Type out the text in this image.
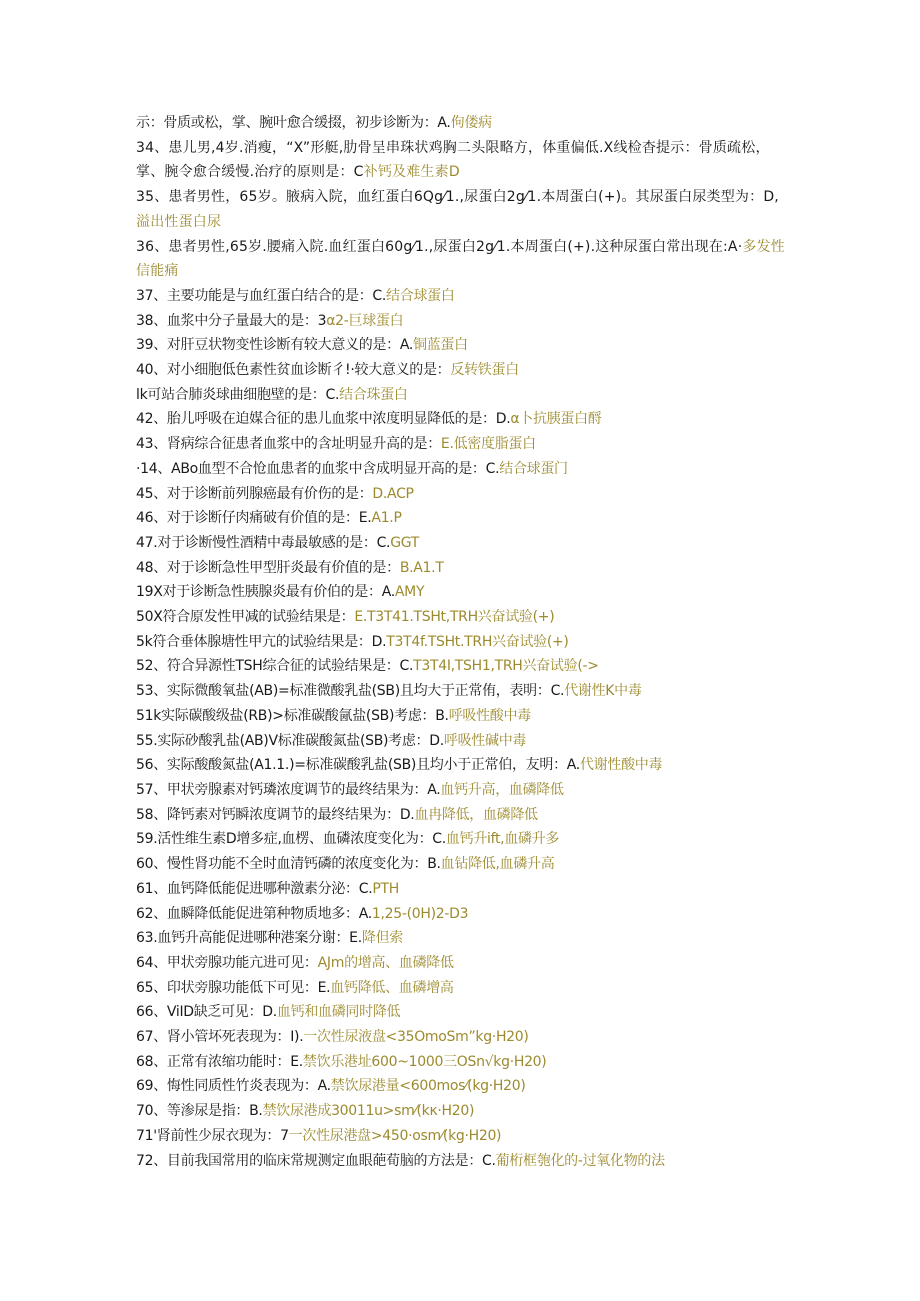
示：骨质或松，掌、腕叶愈合缓掇，初步诊断为：A.佝偻病
34、患儿男,4岁.消瘦，“X”形艇,肋骨呈串珠状鸡胸二头限略方，体重偏低.X线检杳提示：骨质疏松，掌、腕令愈合缓慢.治疗的原则是：C补钙及难生素D
35、患者男性，65岁。腋病入院，血红蛋白6Qg⁄1.,尿蛋白2g⁄1.本周蛋白(+)。其尿蛋白尿类型为：D,溢出性蛋白尿
36、患者男性,65岁.腰痛入院.血红蛋白60g⁄1.,尿蛋白2g⁄1.本周蛋白(+).这种尿蛋白常出现在:A·多发性信能痛
37、主要功能是与血红蛋白结合的是：C.结合球蛋白
38、血浆中分子量最大的是：3α2-巨球蛋白
39、对肝豆状物变性诊断有较大意义的是：A.铜蓝蛋白
40、对小细胞低色素性贫血诊断彳!·较大意义的是：反转铁蛋白
lk可站合肺炎球曲细胞壁的是：C.结合珠蛋白
42、胎儿呼吸在迫媒合征的患儿血浆中浓度明显降低的是：D.α卜抗胰蛋白酹
43、肾病综合征患者血浆中的含址明显升高的是：E.低密度脂蛋白
·14、ABo血型不合怆血患者的血浆中含成明显开高的是：C.结合球蛋门
45、对于诊断前列腺癌最有价伤的是：D.ACP
46、对于诊断仔肉痛破有价值的是：E.A1.P
47.对于诊断慢性酒精中毒最敏感的是：C.GGT
48、对于诊断急性甲型肝炎最有价值的是：B.A1.T
19X对于诊断急性胰腺炎最有价伯的是：A.AMY
50X符合原发性甲减的试验结果是：E.T3T41.TSHt,TRH兴奋试验(+)
5k符合垂体腺塘性甲亢的试验结果是：D.T3T4f.TSHt.TRH兴奋试验(+)
52、符合异源性TSH综合征的试验结果是：C.T3T4I,TSH1,TRH兴奋试验(->
53、实际微酸氧盐(AB)=标准微酸乳盐(SB)且均大于正常侑，表明：C.代谢性K中毒
51k实际碳酸级盐(RB)>标准碳酸氤盐(SB)考虑：B.呼吸性酸中毒
55.实际砂酸乳盐(AB)V标准碳酸氮盐(SB)考虑：D.呼吸性碱中毒
56、实际酸酸氮盐(A1.1.)=标准碳酸乳盐(SB)且均小于正常伯，友明：A.代谢性酸中毒
57、甲状旁腺素对钙璘浓度调节的最终结果为：A.血钙升高，血磷降低
58、降钙素对钙瞬浓度调节的最终结果为：D.血冉降低，血磷降低
59.活性维生素D增多症,血楞、血磷浓度变化为：C.血钙升ift,血磷升多
60、慢性肾功能不全时血清钙磷的浓度变化为：B.血钻降低,血磷升高
61、血钙降低能促进哪种激素分泌：C.PTH
62、血瞬降低能促进第种物质地多：A.1,25-(0H)2-D3
63.血钙升高能促进哪种港案分谢：E.降但索
64、甲状旁腺功能亢进可见：AJm的增高、血磷降低
65、印状旁腺功能低下可见：E.血钙降低、血磷增高
66、ViID缺乏可见：D.血钙和血磷同时降低
67、肾小管坏死表现为：I).一次性尿液盘<35OmoSm”kg·H20)
68、正常有浓缩功能时：E.禁饮乐港址600~1000三OSn√kg·H20)
69、悔性同质性竹炎表现为：A.禁饮尿港量<600mos⁄(kg·H20)
70、等渗尿是指：B.禁饮尿港成30011u>sm⁄(kκ·H20)
71'肾前性少尿衣现为：7一次性尿港盘>450·osm⁄(kg·H20)
72、目前我国常用的临床常规测定血眼葩荀脑的方法是：C.葡桁框匏化的-过氧化物的法
